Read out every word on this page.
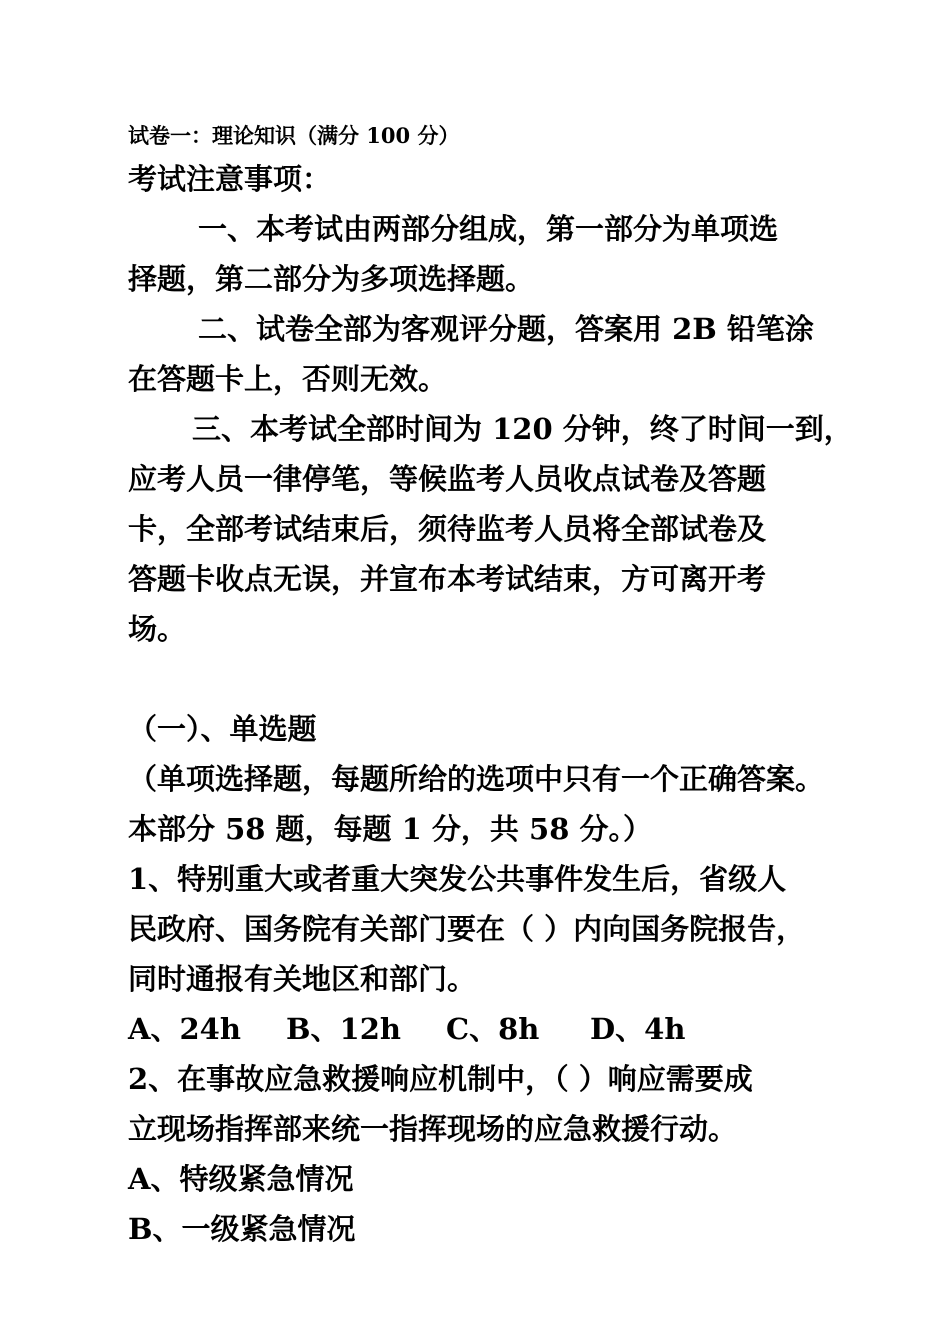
试卷一：理论知识（满分 100 分）
考试注意事项：
一、本考试由两部分组成，第一部分为单项选
择题，第二部分为多项选择题。
二、试卷全部为客观评分题，答案用 2B 铅笔涂
在答题卡上，否则无效。
三、本考试全部时间为 120 分钟，终了时间一到，
应考人员一律停笔，等候监考人员收点试卷及答题
卡，全部考试结束后，须待监考人员将全部试卷及
答题卡收点无误，并宣布本考试结束，方可离开考
场。
（一）、单选题
（单项选择题，每题所给的选项中只有一个正确答案。
本部分 58 题，每题 1 分，共 58 分。）
1、特别重大或者重大突发公共事件发生后，省级人
民政府、国务院有关部门要在（ ）内向国务院报告，
同时通报有关地区和部门。
A、24h B、12h C、8h D、4h
2、在事故应急救援响应机制中，（ ）响应需要成
立现场指挥部来统一指挥现场的应急救援行动。
A、特级紧急情况
B、一级紧急情况
